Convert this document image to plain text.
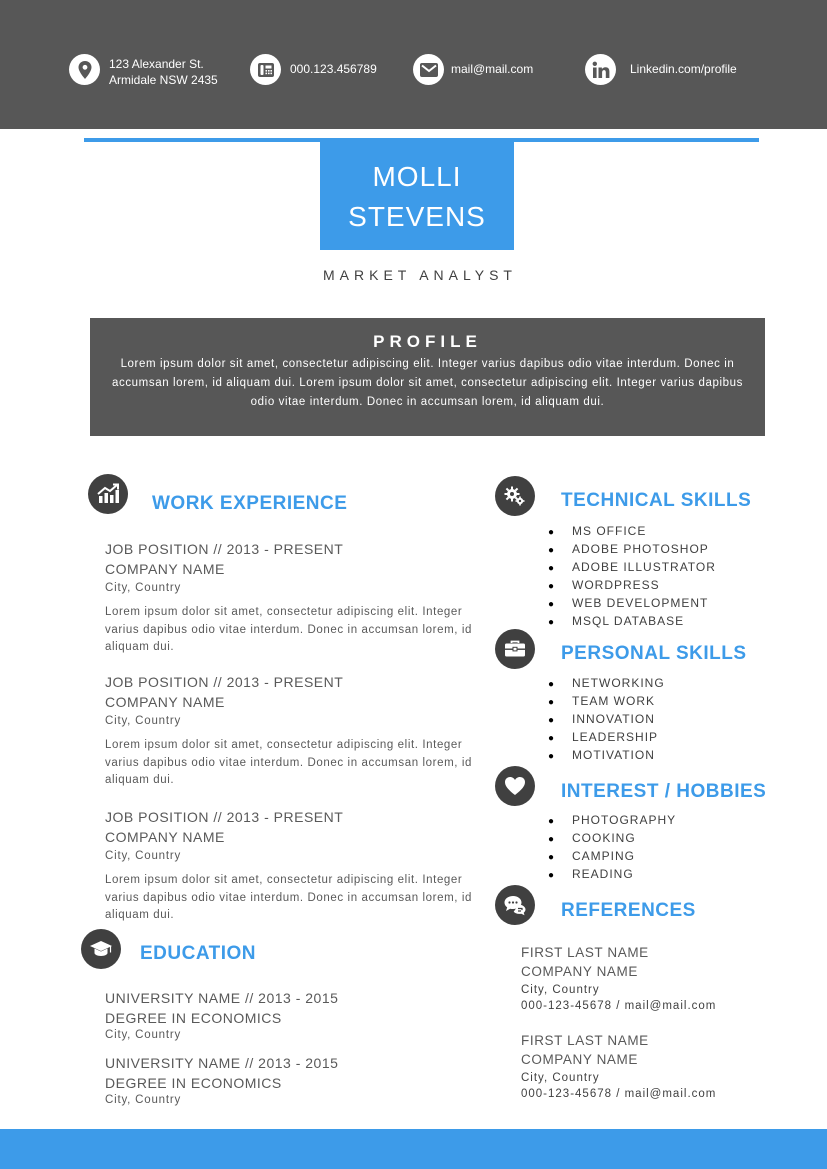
123 Alexander St.
Armidale NSW 2435
000.123.456789	mail@mail.com	Linkedin.com/profile
MOLLI
STEVENS
MARKET ANALYST
PROFILE
Lorem ipsum dolor sit amet, consectetur adipiscing elit. Integer varius dapibus odio vitae interdum. Donec in accumsan lorem, id aliquam dui. Lorem ipsum dolor sit amet, consectetur adipiscing elit. Integer varius dapibus odio vitae interdum. Donec in accumsan lorem, id aliquam dui.
WORK EXPERIENCE
JOB POSITION // 2013 - PRESENT
COMPANY NAME
City, Country
Lorem ipsum dolor sit amet, consectetur adipiscing elit. Integer varius dapibus odio vitae interdum. Donec in accumsan lorem, id aliquam dui.
JOB POSITION // 2013 - PRESENT
COMPANY NAME
City, Country
Lorem ipsum dolor sit amet, consectetur adipiscing elit. Integer varius dapibus odio vitae interdum. Donec in accumsan lorem, id aliquam dui.
JOB POSITION // 2013 - PRESENT
COMPANY NAME
City, Country
Lorem ipsum dolor sit amet, consectetur adipiscing elit. Integer varius dapibus odio vitae interdum. Donec in accumsan lorem, id aliquam dui.
EDUCATION
UNIVERSITY NAME // 2013 - 2015
DEGREE IN ECONOMICS
City, Country
UNIVERSITY NAME // 2013 - 2015
DEGREE IN ECONOMICS
City, Country
TECHNICAL SKILLS
● MS OFFICE
● ADOBE PHOTOSHOP
● ADOBE ILLUSTRATOR
● WORDPRESS
● WEB DEVELOPMENT
● MSQL DATABASE
PERSONAL SKILLS
● NETWORKING
● TEAM WORK
● INNOVATION
● LEADERSHIP
● MOTIVATION
INTEREST / HOBBIES
● PHOTOGRAPHY
● COOKING
● CAMPING
● READING
REFERENCES
FIRST LAST NAME
COMPANY NAME
City, Country
000-123-45678 / mail@mail.com
FIRST LAST NAME
COMPANY NAME
City, Country
000-123-45678 / mail@mail.com
